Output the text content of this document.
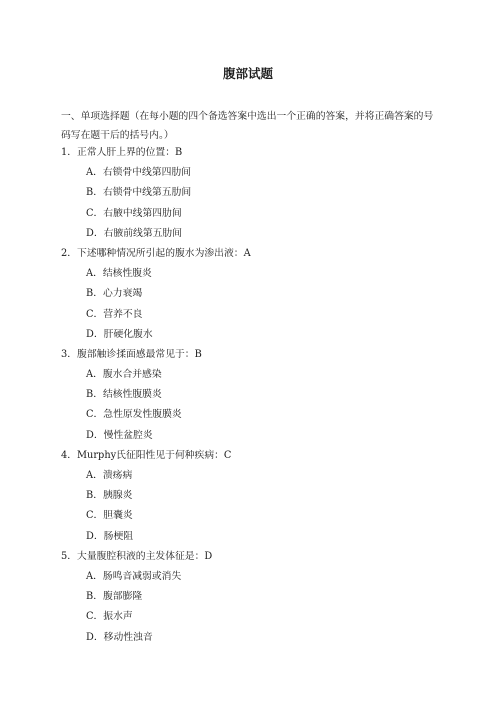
腹部试题
一、单项选择题（在每小题的四个备选答案中选出一个正确的答案，并将正确答案的号码写在题干后的括号内。）
1．正常人肝上界的位置：B
A．右锁骨中线第四肋间
B．右锁骨中线第五肋间
C．右腋中线第四肋间
D．右腋前线第五肋间
2．下述哪种情况所引起的腹水为渗出液：A
A．结核性腹炎
B．心力衰竭
C．营养不良
D．肝硬化腹水
3．腹部触诊揉面感最常见于：B
A．腹水合并感染
B．结核性腹膜炎
C．急性原发性腹膜炎
D．慢性盆腔炎
4．Murphy氏征阳性见于何种疾病：C
A．溃疡病
B．胰腺炎
C．胆囊炎
D．肠梗阻
5．大量腹腔积液的主发体征是：D
A．肠鸣音减弱或消失
B．腹部膨隆
C．振水声
D．移动性浊音
